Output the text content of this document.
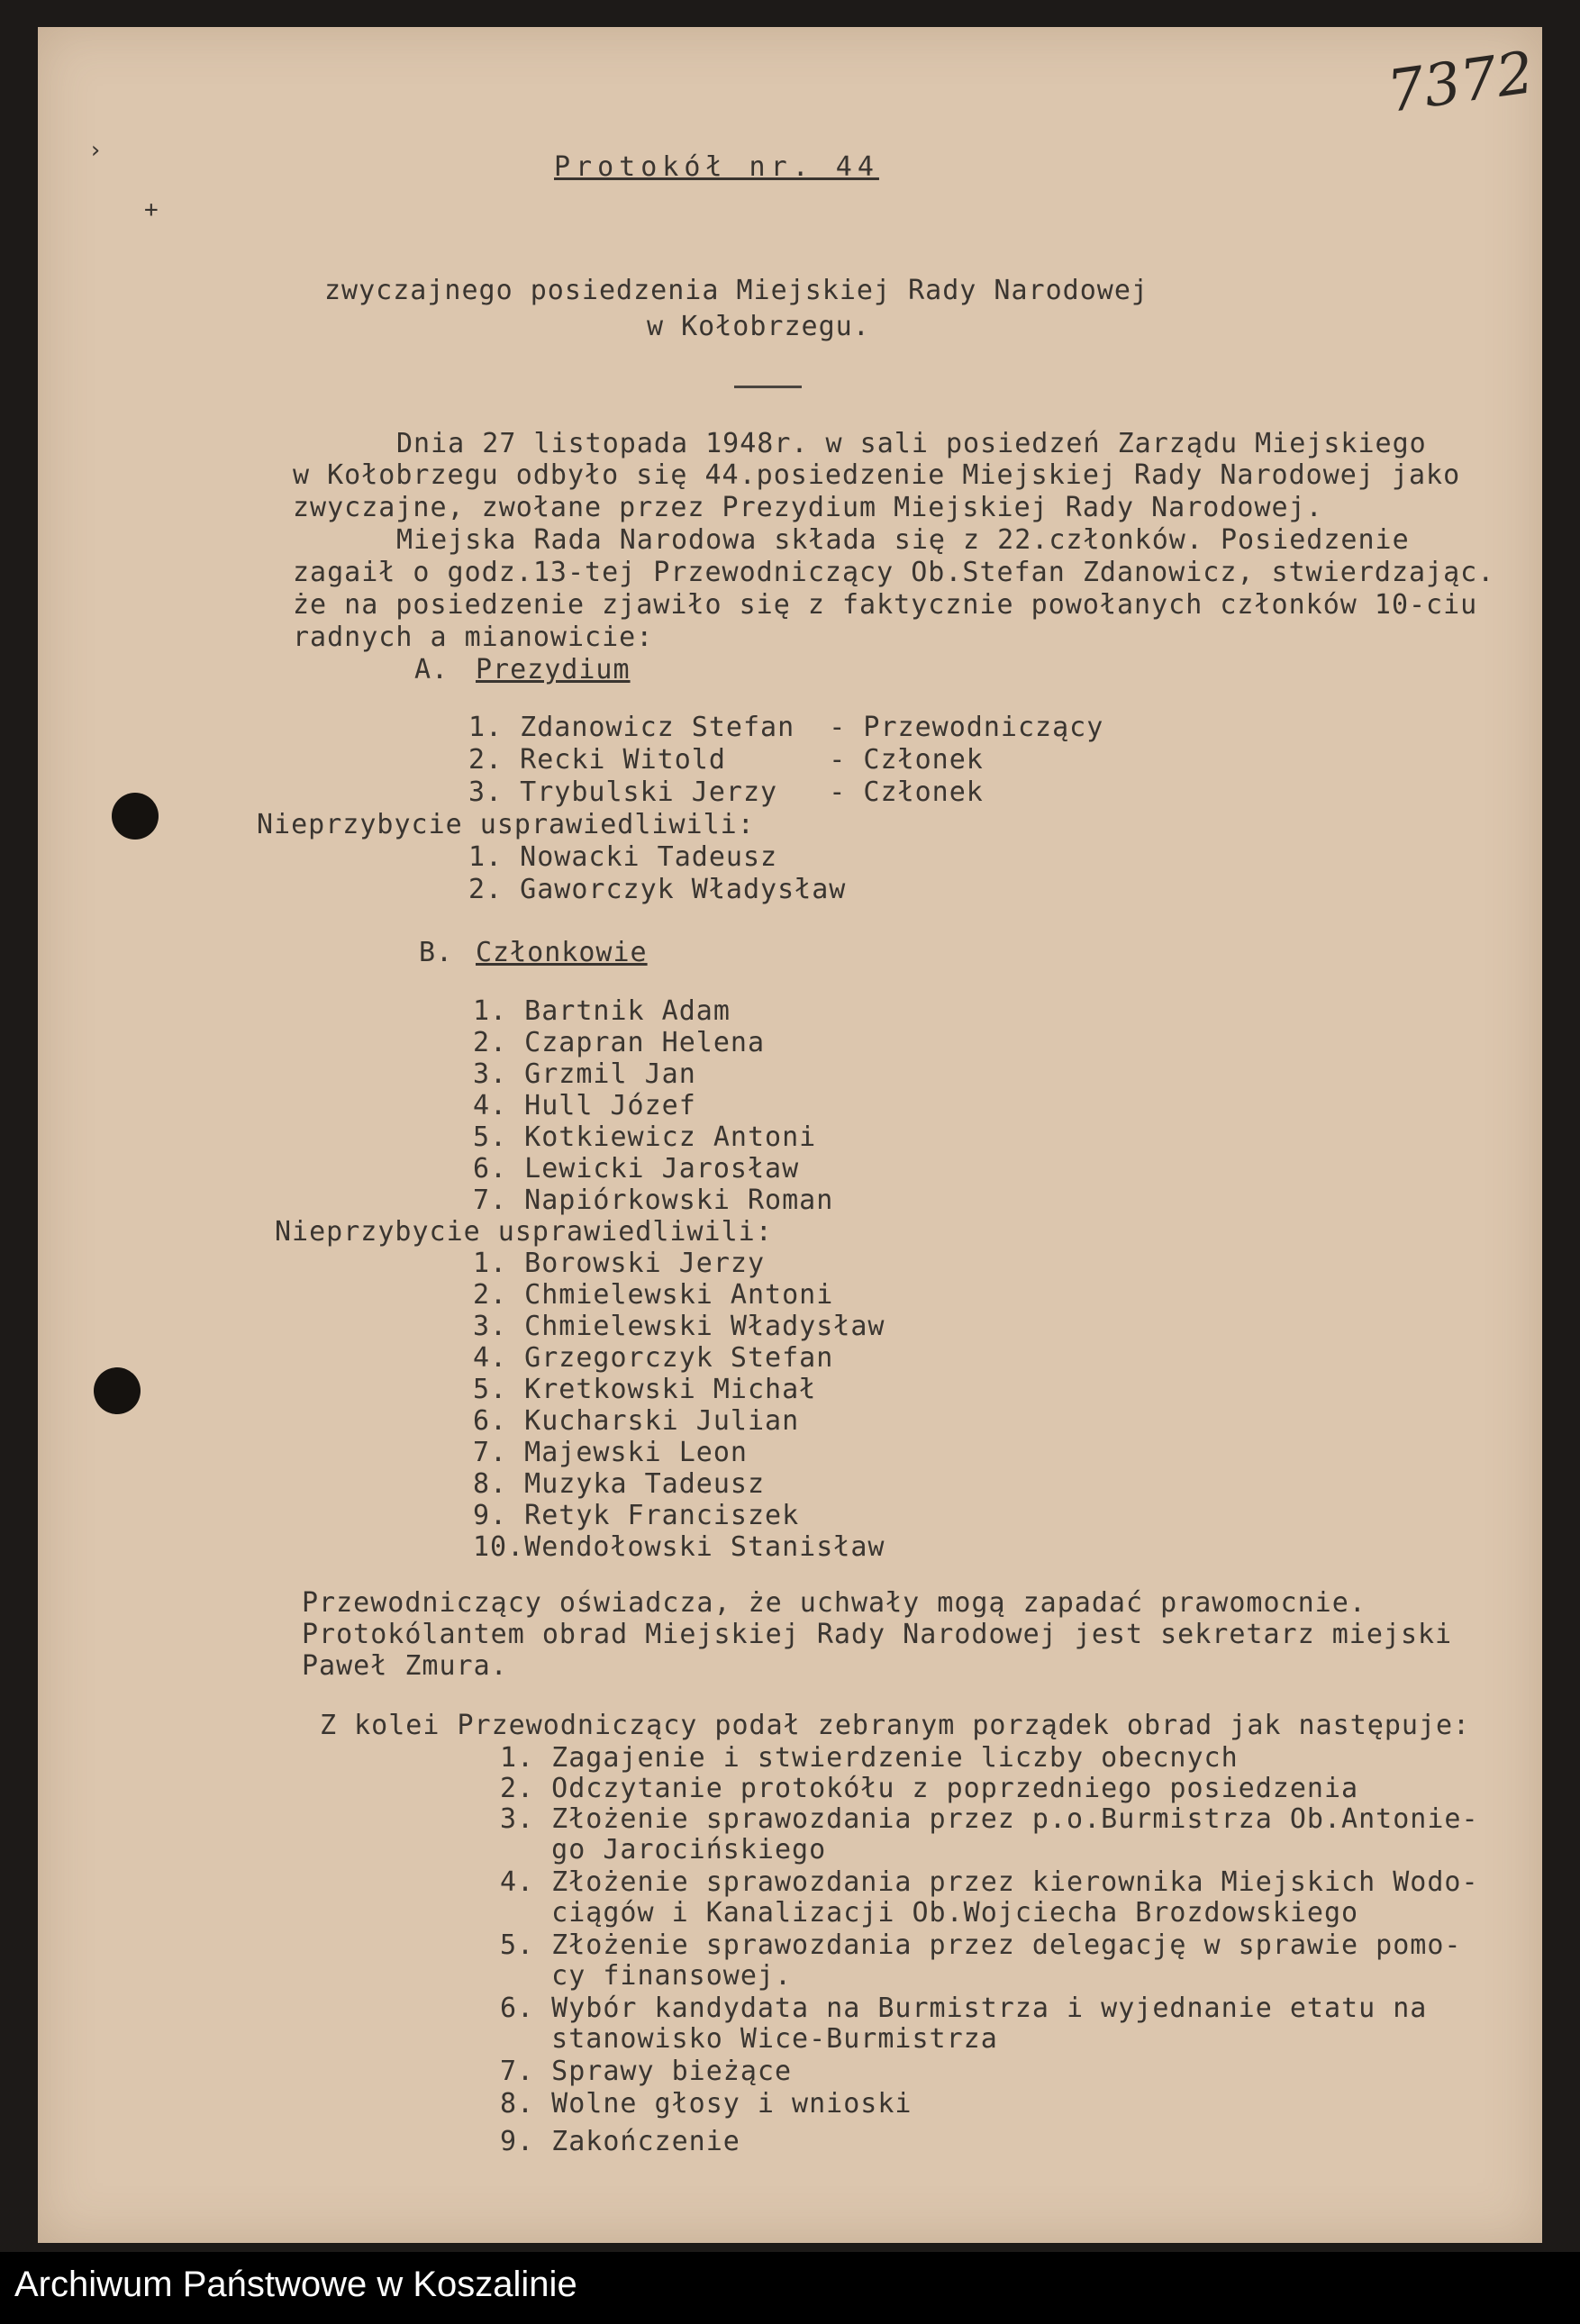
7372
›
+
Protokół nr. 44
zwyczajnego posiedzenia Miejskiej Rady Narodowej
w Kołobrzegu.
Dnia 27 listopada 1948r. w sali posiedzeń Zarządu Miejskiego
w Kołobrzegu odbyło się 44.posiedzenie Miejskiej Rady Narodowej jako
zwyczajne, zwołane przez Prezydium Miejskiej Rady Narodowej.
Miejska Rada Narodowa składa się z 22.członków. Posiedzenie
zagaił o godz.13-tej Przewodniczący Ob.Stefan Zdanowicz, stwierdzając.
że na posiedzenie zjawiło się z faktycznie powołanych członków 10-ciu
radnych a mianowicie:
A. Prezydium
1. Zdanowicz Stefan  - Przewodniczący
2. Recki Witold      - Członek
3. Trybulski Jerzy   - Członek
Nieprzybycie usprawiedliwili:
1. Nowacki Tadeusz
2. Gaworczyk Władysław
B. Członkowie
1. Bartnik Adam
2. Czapran Helena
3. Grzmil Jan
4. Hull Józef
5. Kotkiewicz Antoni
6. Lewicki Jarosław
7. Napiórkowski Roman
Nieprzybycie usprawiedliwili:
1. Borowski Jerzy
2. Chmielewski Antoni
3. Chmielewski Władysław
4. Grzegorczyk Stefan
5. Kretkowski Michał
6. Kucharski Julian
7. Majewski Leon
8. Muzyka Tadeusz
9. Retyk Franciszek
10.Wendołowski Stanisław
Przewodniczący oświadcza, że uchwały mogą zapadać prawomocnie.
Protokólantem obrad Miejskiej Rady Narodowej jest sekretarz miejski
Paweł Zmura.
Z kolei Przewodniczący podał zebranym porządek obrad jak następuje:
1. Zagajenie i stwierdzenie liczby obecnych
2. Odczytanie protokółu z poprzedniego posiedzenia
3. Złożenie sprawozdania przez p.o.Burmistrza Ob.Antonie-
go Jarocińskiego
4. Złożenie sprawozdania przez kierownika Miejskich Wodo-
ciągów i Kanalizacji Ob.Wojciecha Brozdowskiego
5. Złożenie sprawozdania przez delegację w sprawie pomo-
cy finansowej.
6. Wybór kandydata na Burmistrza i wyjednanie etatu na
stanowisko Wice-Burmistrza
7. Sprawy bieżące
8. Wolne głosy i wnioski
9. Zakończenie
Archiwum Państwowe w Koszalinie
